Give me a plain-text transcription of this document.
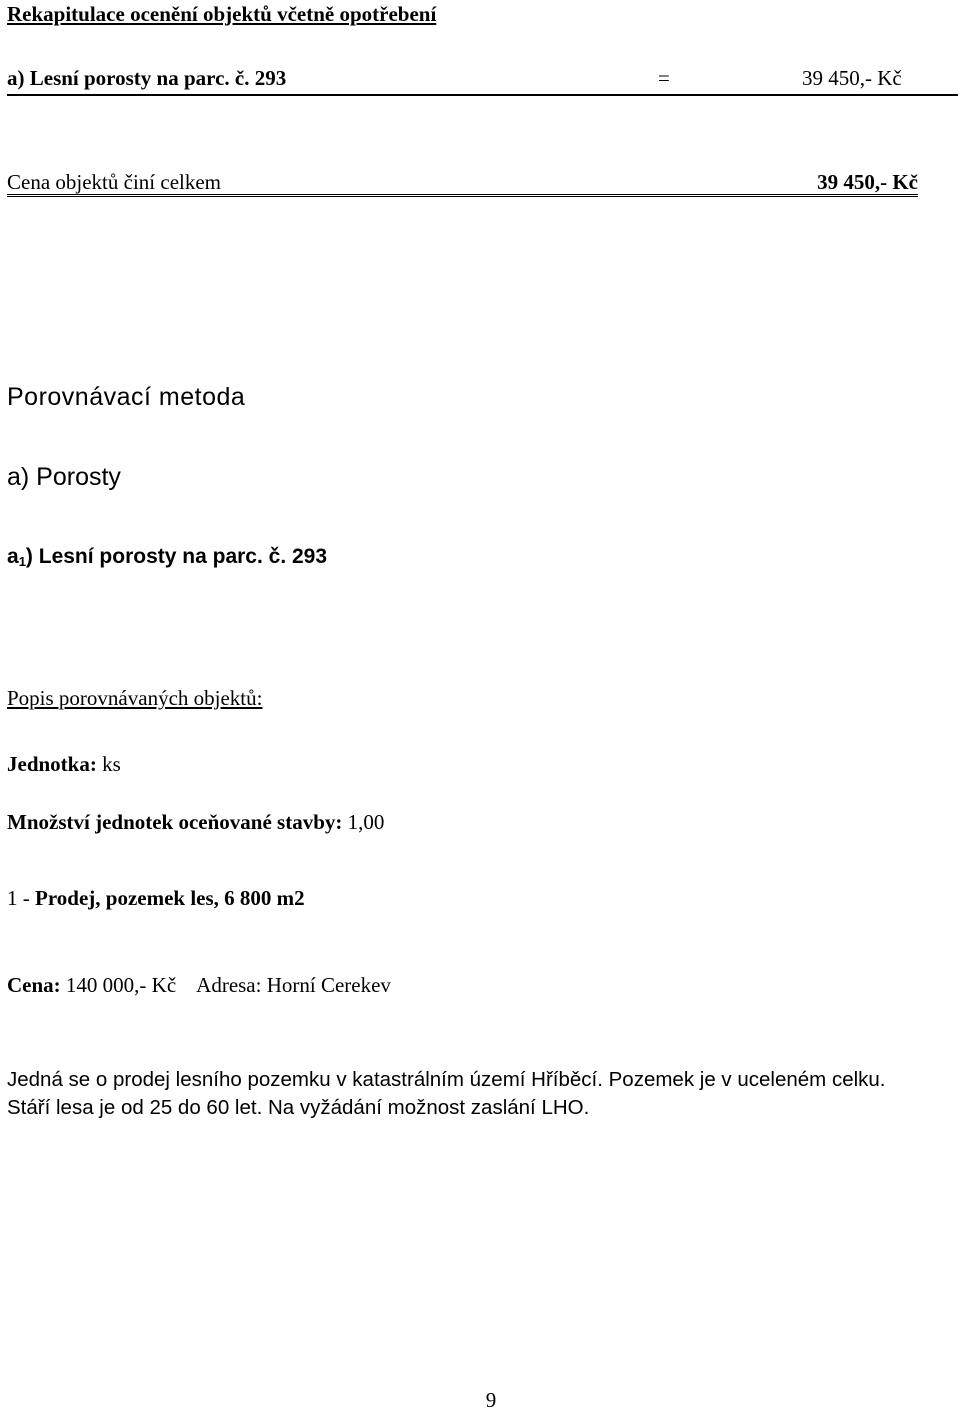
Rekapitulace ocenění objektů včetně opotřebení
a) Lesní porosty na parc. č. 293	=	39 450,- Kč
Cena objektů činí celkem	39 450,- Kč
Porovnávací metoda
a) Porosty
$a_1$) Lesní porosty na parc. č. 293
Popis porovnávaných objektů:
Jednotka: ks
Množství jednotek oceňované stavby: 1,00
1 - Prodej, pozemek les, 6 800 m2
Cena: 140 000,- Kč Adresa: Horní Cerekev
Jedná se o prodej lesního pozemku v katastrálním území Hříběcí. Pozemek je v uceleném celku.
Stáří lesa je od 25 do 60 let. Na vyžádání možnost zaslání LHO.
9
